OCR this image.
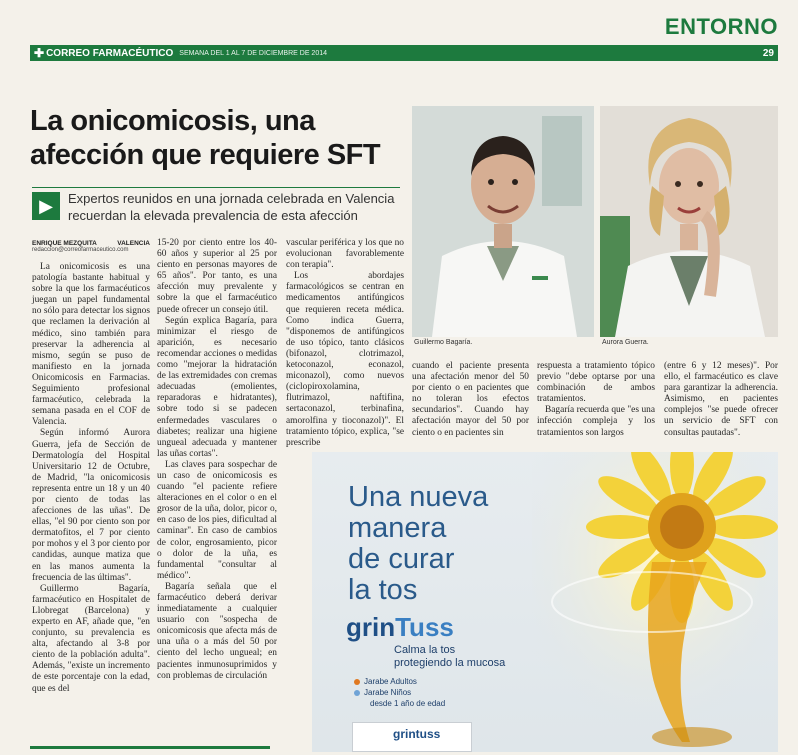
ENTORNO
✚ CORREO FARMACÉUTICO SEMANA DEL 1 AL 7 DE DICIEMBRE DE 2014	29
La onicomicosis, una afección que requiere SFT
▶ Expertos reunidos en una jornada celebrada en Valencia recuerdan la elevada prevalencia de esta afección
ENRIQUE MEZQUITA	VALENCIA
redaccion@correofarmaceutico.com

La onicomicosis es una patología bastante habitual y sobre la que los farmacéuticos juegan un papel fundamental no sólo para detectar los signos que reclamen la derivación al médico, sino también para preservar la adherencia al mismo, según se puso de manifiesto en la jornada Onicomicosis en Farmacias. Seguimiento profesional farmacéutico, celebrada la semana pasada en el COF de Valencia.

Según informó Aurora Guerra, jefa de Sección de Dermatología del Hospital Universitario 12 de Octubre, de Madrid, "la onicomicosis representa entre un 18 y un 40 por ciento de todas las afecciones de las uñas". De ellas, "el 90 por ciento son por dermatofitos, el 7 por ciento por mohos y el 3 por ciento por candidas, aunque matiza que en las manos aumenta la frecuencia de las últimas".

Guillermo Bagaría, farmacéutico en Hospitalet de Llobregat (Barcelona) y experto en AF, añade que, "en conjunto, su prevalencia es alta, afectando al 3-8 por ciento de la población adulta". Además, "existe un incremento de este porcentaje con la edad, que es del

15-20 por ciento entre los 40-60 años y superior al 25 por ciento en personas mayores de 65 años". Por tanto, es una afección muy prevalente y sobre la que el farmacéutico puede ofrecer un consejo útil.

Según explica Bagaría, para minimizar el riesgo de aparición, es necesario recomendar acciones o medidas como "mejorar la hidratación de las extremidades con cremas adecuadas (emolientes, reparadoras e hidratantes), sobre todo si se padecen enfermedades vasculares o diabetes; realizar una higiene ungueal adecuada y mantener las uñas cortas".

Las claves para sospechar de un caso de onicomicosis es cuando "el paciente refiere alteraciones en el color o en el grosor de la uña, dolor, picor o, en caso de los pies, dificultad al caminar". En caso de cambios de color, engrosamiento, picor o dolor de la uña, es fundamental "consultar al médico".

Bagaría señala que el farmacéutico deberá derivar inmediatamente a cualquier usuario con "sospecha de onicomicosis que afecta más de una uña o a más del 50 por ciento del lecho ungueal; en pacientes inmunosuprimidos y con problemas de circulación

vascular periférica y los que no evolucionan favorablemente con terapia".

Los abordajes farmacológicos se centran en medicamentos antifúngicos que requieren receta médica. Como indica Guerra, "disponemos de antifúngicos de uso tópico, tanto clásicos (bifonazol, clotrimazol, ketoconazol, econazol, miconazol), como nuevos (ciclopiroxolamina, flutrimazol, naftifina, sertaconazol, terbinafina, amorolfina y tioconazol)". El tratamiento tópico, explica, "se prescribe

Guillermo Bagaría.	Aurora Guerra.

cuando el paciente presenta una afectación menor del 50 por ciento o en pacientes que no toleran los efectos secundarios". Cuando hay afectación mayor del 50 por ciento o en pacientes sin

respuesta a tratamiento tópico previo "debe optarse por una combinación de ambos tratamientos.

Bagaría recuerda que "es una infección compleja y los tratamientos son largos

(entre 6 y 12 meses)". Por ello, el farmacéutico es clave para garantizar la adherencia. Asimismo, en pacientes complejos "se puede ofrecer un servicio de SFT con consultas pautadas".

Una nueva
manera
de curar
la tos
grinTuss
Calma la tos
protegiendo la mucosa
Jarabe Adultos
Jarabe Niños
desde 1 año de edad
grintuss
